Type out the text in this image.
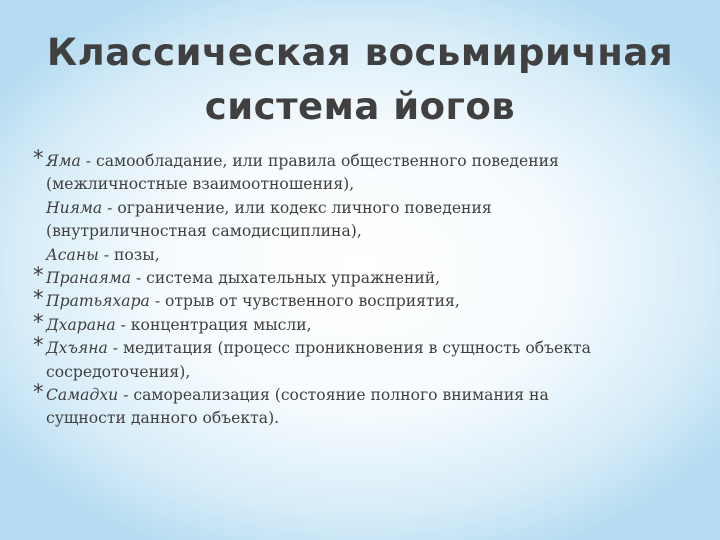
Классическая восьмиричная
система йогов
* Яма - самообладание, или правила общественного поведения
(межличностные взаимоотношения),
Нияма - ограничение, или кодекс личного поведения
(внутриличностная самодисциплина),
Асаны - позы,
* Пранаяма - система дыхательных упражнений,
* Пратьяхара - отрыв от чувственного восприятия,
* Дхарана - концентрация мысли,
* Дхъяна - медитация (процесс проникновения в сущность объекта
сосредоточения),
* Самадхи - самореализация (состояние полного внимания на
сущности данного объекта).
